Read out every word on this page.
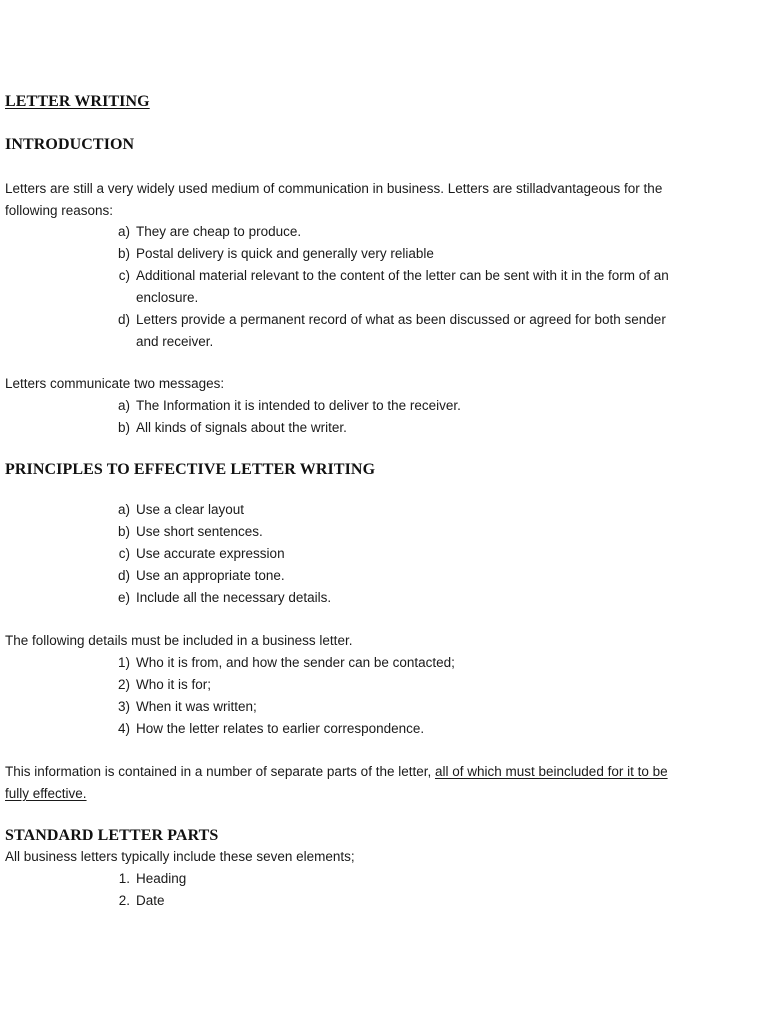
LETTER WRITING
INTRODUCTION

Letters are still a very widely used medium of communication in business. Letters are stilladvantageous for the following reasons:

a) They are cheap to produce.
b) Postal delivery is quick and generally very reliable
c) Additional material relevant to the content of the letter can be sent with it in the form of an enclosure.
d) Letters provide a permanent record of what as been discussed or agreed for both sender and receiver.

Letters communicate two messages:

a) The Information it is intended to deliver to the receiver.
b) All kinds of signals about the writer.
PRINCIPLES TO EFFECTIVE LETTER WRITING
a) Use a clear layout
b) Use short sentences.
c) Use accurate expression
d) Use an appropriate tone.
e) Include all the necessary details.

The following details must be included in a business letter.

1) Who it is from, and how the sender can be contacted;
2) Who it is for;
3) When it was written;
4) How the letter relates to earlier correspondence.

This information is contained in a number of separate parts of the letter, all of which must beincluded for it to be fully effective.

STANDARD LETTER PARTS

All business letters typically include these seven elements;

1. Heading
2. Date
